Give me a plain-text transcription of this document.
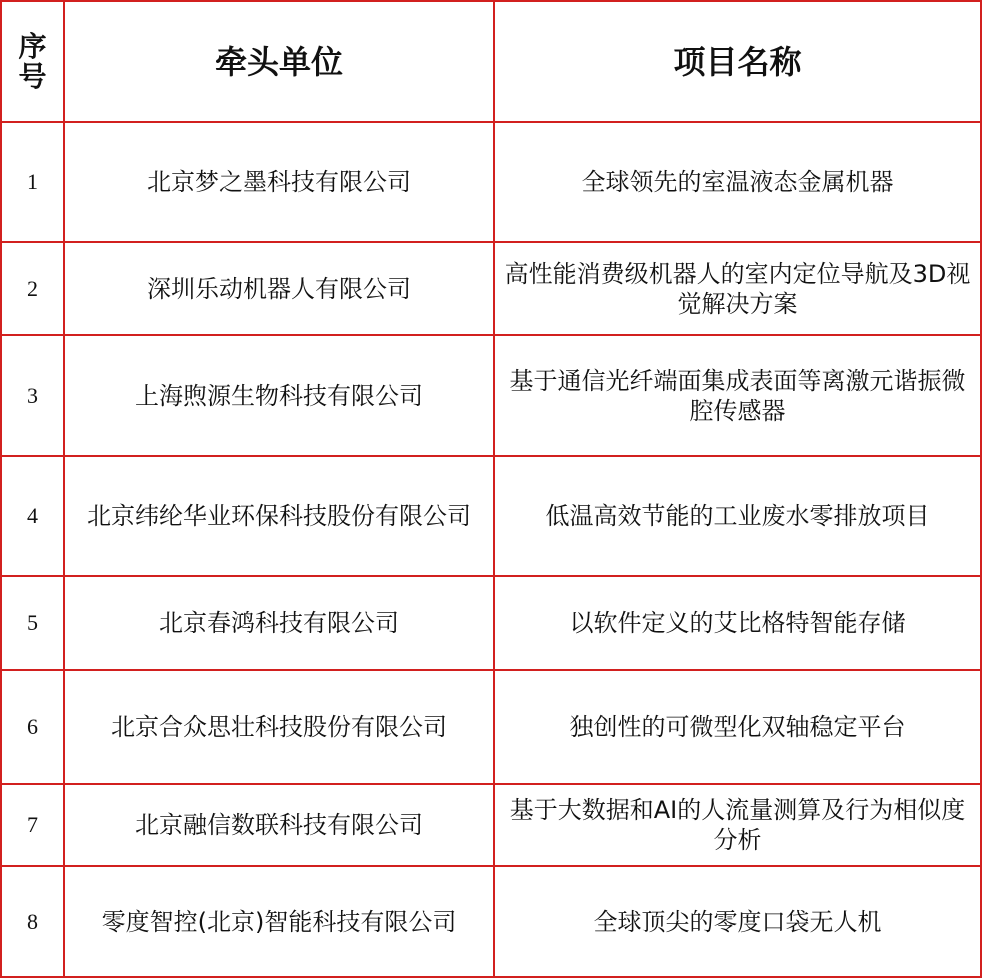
序号	牵头单位	项目名称
1	北京梦之墨科技有限公司	全球领先的室温液态金属机器
2	深圳乐动机器人有限公司	高性能消费级机器人的室内定位导航及3D视觉解决方案
3	上海煦源生物科技有限公司	基于通信光纤端面集成表面等离激元谐振微腔传感器
4	北京纬纶华业环保科技股份有限公司	低温高效节能的工业废水零排放项目
5	北京春鸿科技有限公司	以软件定义的艾比格特智能存储
6	北京合众思壮科技股份有限公司	独创性的可微型化双轴稳定平台
7	北京融信数联科技有限公司	基于大数据和AI的人流量测算及行为相似度分析
8	零度智控(北京)智能科技有限公司	全球顶尖的零度口袋无人机
